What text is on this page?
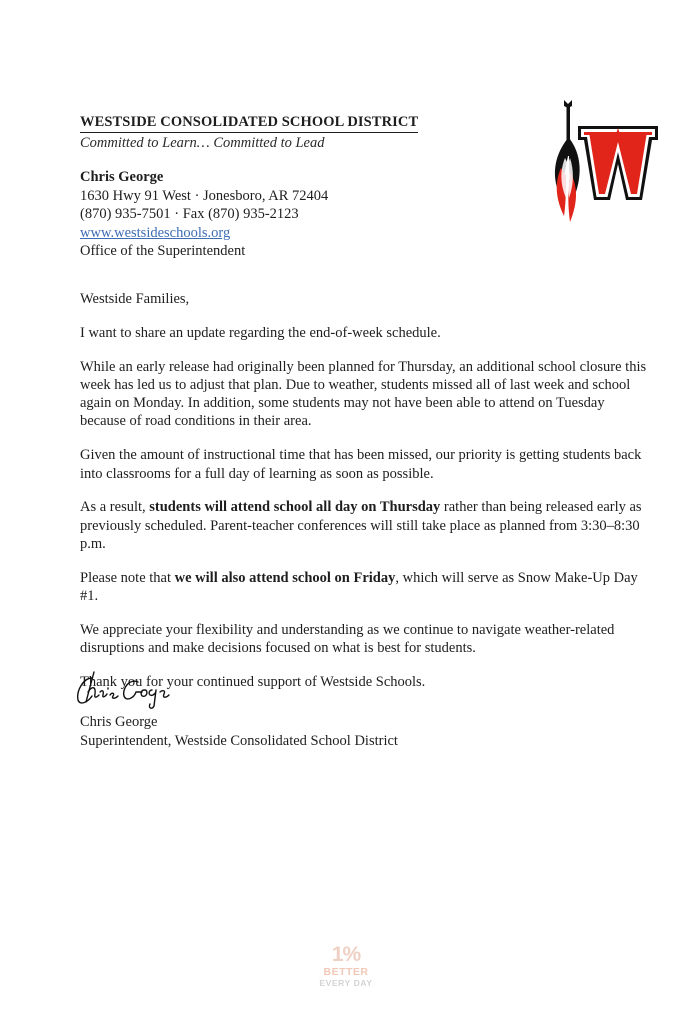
WESTSIDE CONSOLIDATED SCHOOL DISTRICT
Committed to Learn… Committed to Lead
Chris George
1630 Hwy 91 West · Jonesboro, AR 72404
(870) 935-7501 · Fax (870) 935-2123
www.westsideschools.org
Office of the Superintendent

Westside Families,

I want to share an update regarding the end-of-week schedule.

While an early release had originally been planned for Thursday, an additional school closure this week has led us to adjust that plan. Due to weather, students missed all of last week and school again on Monday. In addition, some students may not have been able to attend on Tuesday because of road conditions in their area.

Given the amount of instructional time that has been missed, our priority is getting students back into classrooms for a full day of learning as soon as possible.

As a result, students will attend school all day on Thursday rather than being released early as previously scheduled. Parent-teacher conferences will still take place as planned from 3:30–8:30 p.m.

Please note that we will also attend school on Friday, which will serve as Snow Make-Up Day #1.

We appreciate your flexibility and understanding as we continue to navigate weather-related disruptions and make decisions focused on what is best for students.

Thank you for your continued support of Westside Schools.

Chris George
Superintendent, Westside Consolidated School District
1%
BETTER
EVERY DAY
